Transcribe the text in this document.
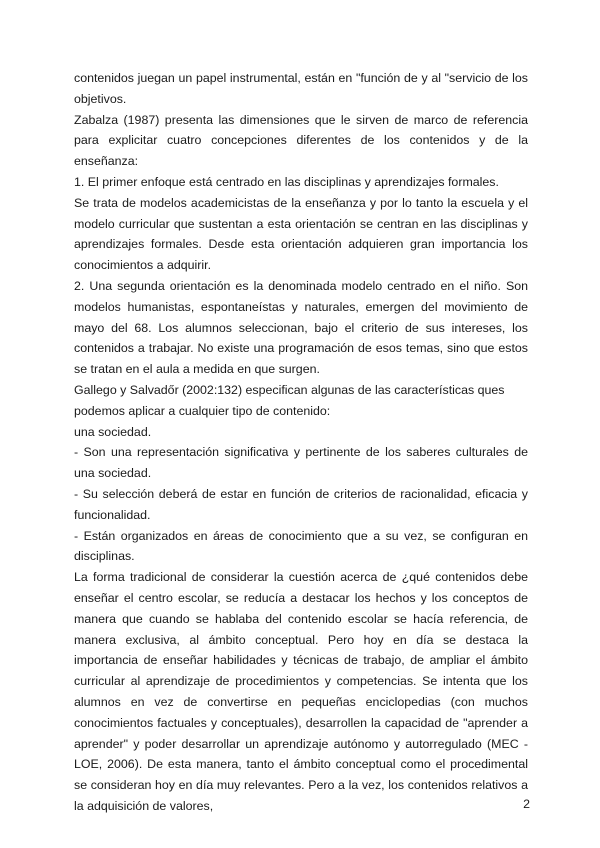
contenidos juegan un papel instrumental, están en "función de y al "servicio de los objetivos.

Zabalza (1987) presenta las dimensiones que le sirven de marco de referencia para explicitar cuatro concepciones diferentes de los contenidos y de la enseñanza:

1. El primer enfoque está centrado en las disciplinas y aprendizajes formales.

Se trata de modelos academicistas de la enseñanza y por lo tanto la escuela y el modelo curricular que sustentan a esta orientación se centran en las disciplinas y aprendizajes formales. Desde esta orientación adquieren gran importancia los conocimientos a adquirir.

2. Una segunda orientación es la denominada modelo centrado en el niño. Son modelos humanistas, espontaneístas y naturales, emergen del movimiento de mayo del 68. Los alumnos seleccionan, bajo el criterio de sus intereses, los contenidos a trabajar. No existe una programación de esos temas, sino que estos se tratan en el aula a medida en que surgen.

Gallego y Salvadőr (2002:132) especifican algunas de las características ques podemos aplicar a cualquier tipo de contenido:

una sociedad.

- Son una representación significativa y pertinente de los saberes culturales de una sociedad.

- Su selección deberá de estar en función de criterios de racionalidad, eficacia y funcionalidad.

- Están organizados en áreas de conocimiento que a su vez, se configuran en disciplinas.

La forma tradicional de considerar la cuestión acerca de ¿qué contenidos debe enseñar el centro escolar, se reducía a destacar los hechos y los conceptos de manera que cuando se hablaba del contenido escolar se hacía referencia, de manera exclusiva, al ámbito conceptual. Pero hoy en día se destaca la importancia de enseñar habilidades y técnicas de trabajo, de ampliar el ámbito curricular al aprendizaje de procedimientos y competencias. Se intenta que los alumnos en vez de convertirse en pequeñas enciclopedias (con muchos conocimientos factuales y conceptuales), desarrollen la capacidad de "aprender a aprender" y poder desarrollar un aprendizaje autónomo y autorregulado (MEC - LOE, 2006). De esta manera, tanto el ámbito conceptual como el procedimental se consideran hoy en día muy relevantes. Pero a la vez, los contenidos relativos a la adquisición de valores,	2
